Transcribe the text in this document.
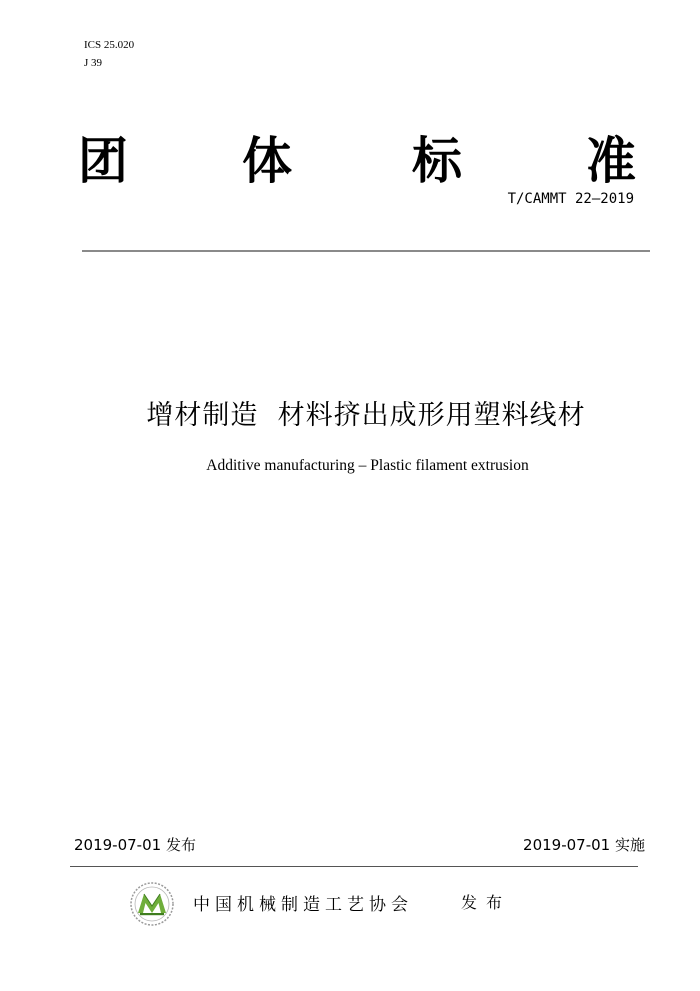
ICS 25.020
J 39
团 体 标 准
T/CAMMT 22—2019
增材制造  材料挤出成形用塑料线材
Additive manufacturing – Plastic filament extrusion
2019-07-01 发布	2019-07-01 实施
中国机械制造工艺协会	发布
